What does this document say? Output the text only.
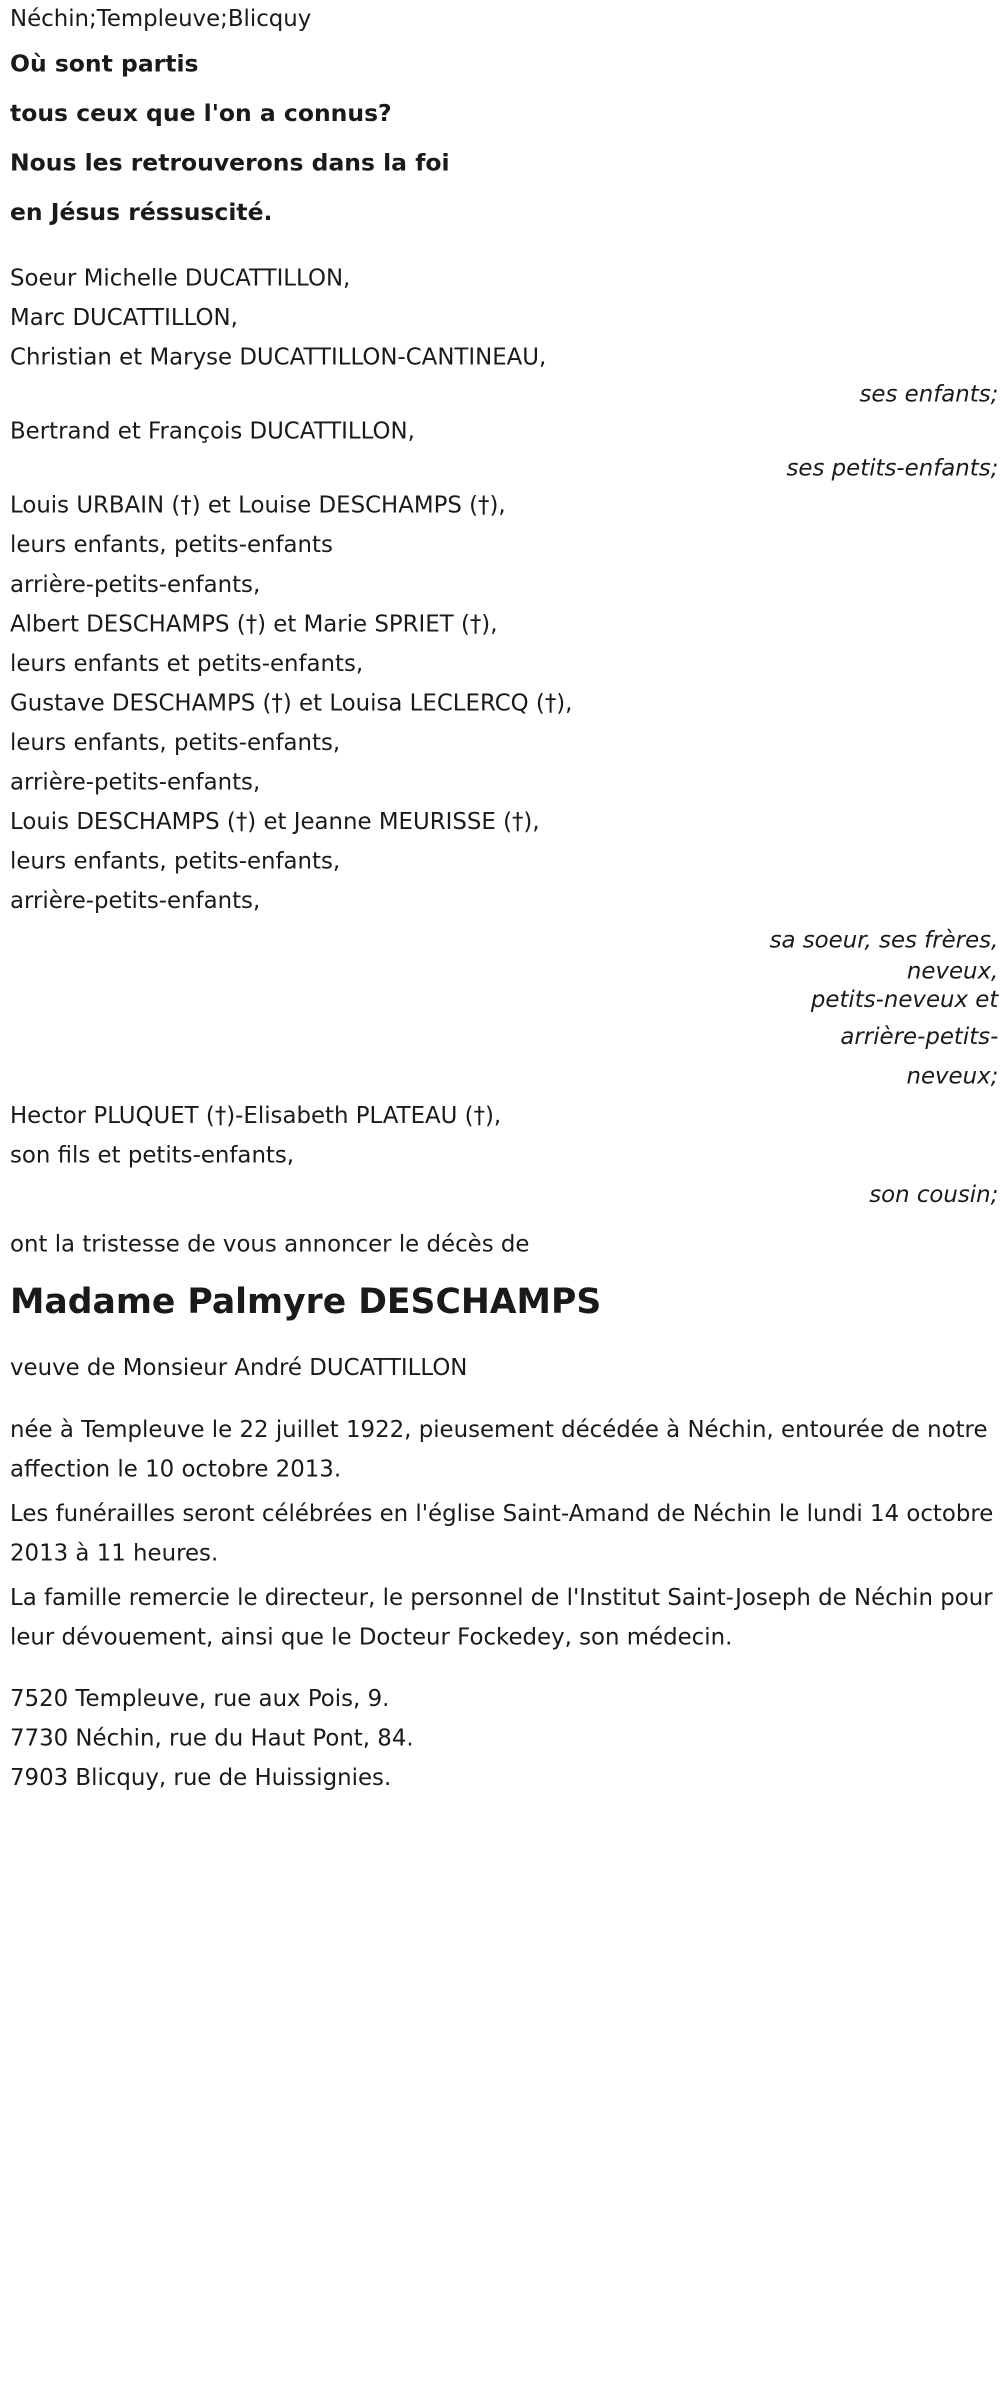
Néchin;Templeuve;Blicquy
Où sont partis
tous ceux que l'on a connus?
Nous les retrouverons dans la foi
en Jésus réssuscité.
Soeur Michelle DUCATTILLON,
Marc DUCATTILLON,
Christian et Maryse DUCATTILLON-CANTINEAU,
ses enfants;
Bertrand et François DUCATTILLON,
ses petits-enfants;
Louis URBAIN (†) et Louise DESCHAMPS (†),
leurs enfants, petits-enfants
arrière-petits-enfants,
Albert DESCHAMPS (†) et Marie SPRIET (†),
leurs enfants et petits-enfants,
Gustave DESCHAMPS (†) et Louisa LECLERCQ (†),
leurs enfants, petits-enfants,
arrière-petits-enfants,
Louis DESCHAMPS (†) et Jeanne MEURISSE (†),
leurs enfants, petits-enfants,
arrière-petits-enfants,
sa soeur, ses frères,
neveux,
petits-neveux et
arrière-petits-
neveux;
Hector PLUQUET (†)-Elisabeth PLATEAU (†),
son fils et petits-enfants,
son cousin;
ont la tristesse de vous annoncer le décès de
Madame Palmyre DESCHAMPS
veuve de Monsieur André DUCATTILLON
née à Templeuve le 22 juillet 1922, pieusement décédée à Néchin, entourée de notre affection le 10 octobre 2013.
Les funérailles seront célébrées en l'église Saint-Amand de Néchin le lundi 14 octobre 2013 à 11 heures.
La famille remercie le directeur, le personnel de l'Institut Saint-Joseph de Néchin pour leur dévouement, ainsi que le Docteur Fockedey, son médecin.
7520 Templeuve, rue aux Pois, 9.
7730 Néchin, rue du Haut Pont, 84.
7903 Blicquy, rue de Huissignies.
